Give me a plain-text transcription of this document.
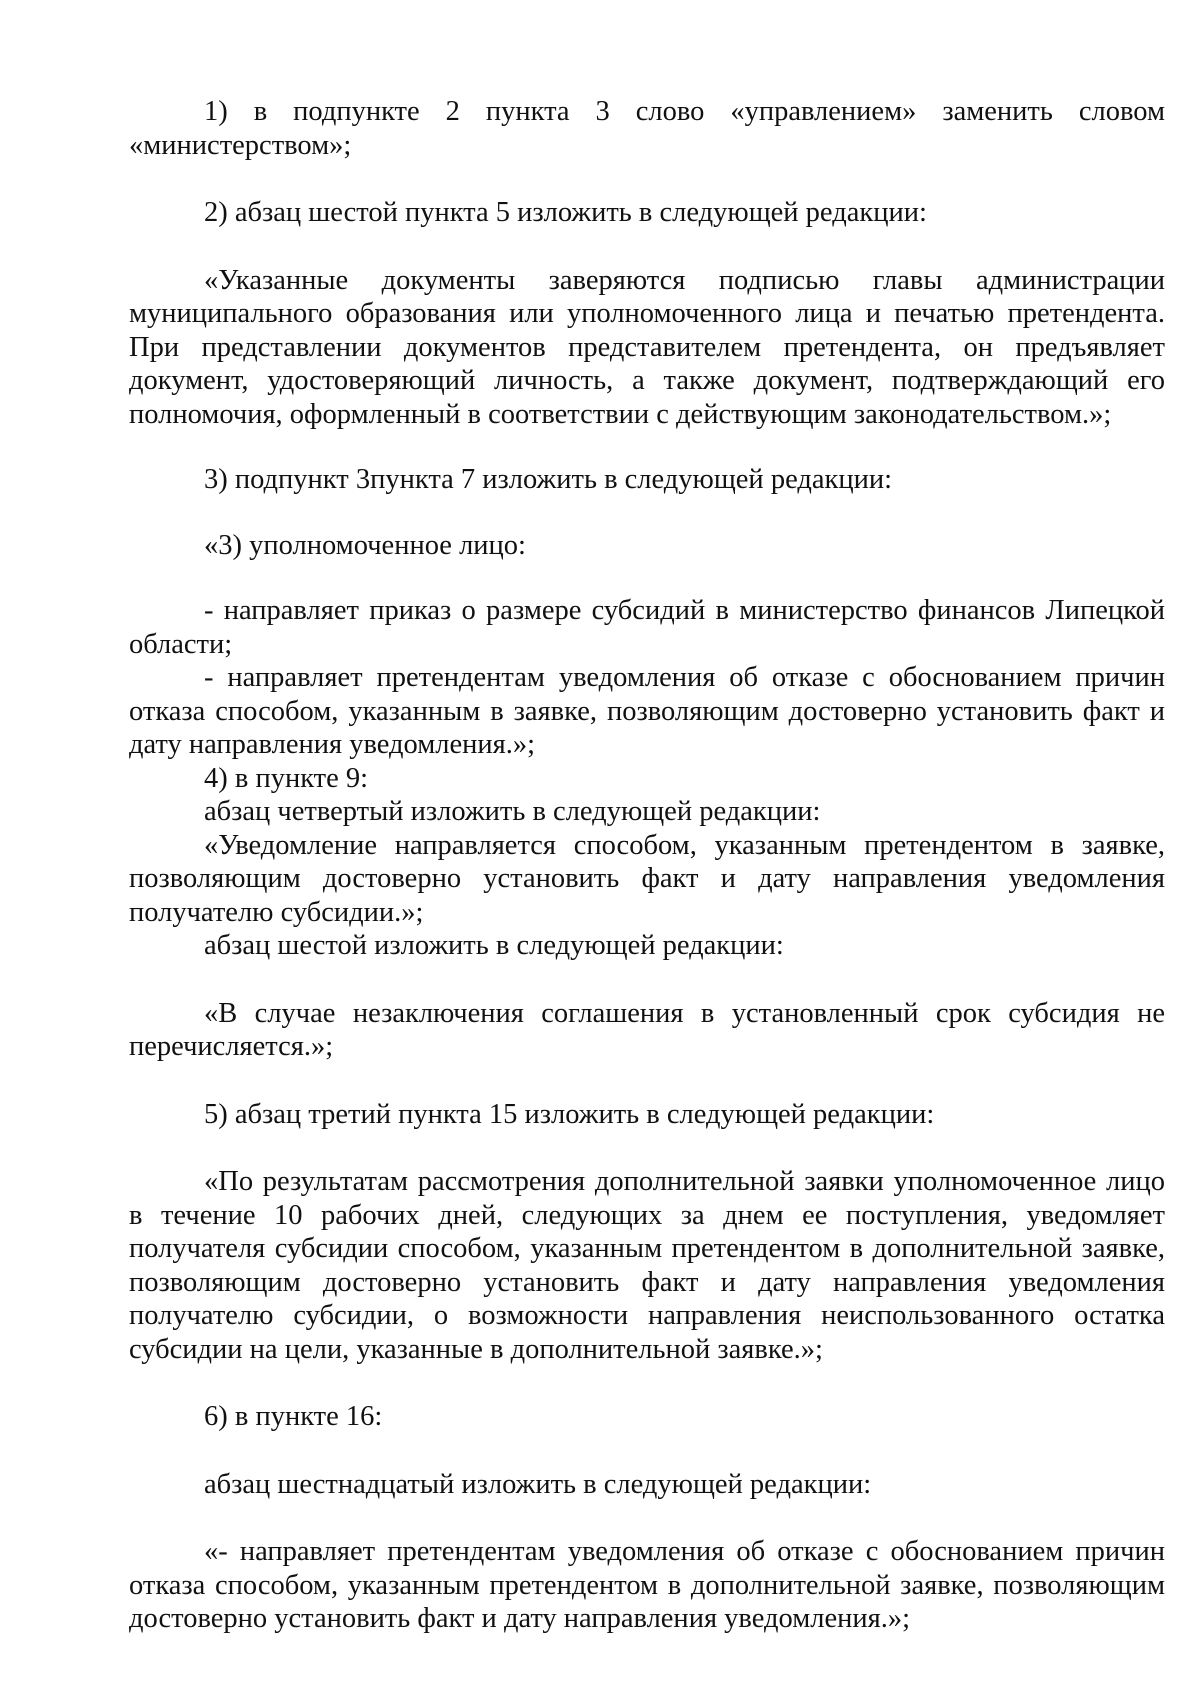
1) в подпункте 2 пункта 3 слово «управлением» заменить словом «министерством»;

2) абзац шестой пункта 5 изложить в следующей редакции:

«Указанные документы заверяются подписью главы администрации муниципального образования или уполномоченного лица и печатью претендента. При представлении документов представителем претендента, он предъявляет документ, удостоверяющий личность, а также документ, подтверждающий его полномочия, оформленный в соответствии с действующим законодательством.»;

3) подпункт 3пункта 7 изложить в следующей редакции:

«3) уполномоченное лицо:

- направляет приказ о размере субсидий в министерство финансов Липецкой области;

- направляет претендентам уведомления об отказе с обоснованием причин отказа способом, указанным в заявке, позволяющим достоверно установить факт и дату направления уведомления.»;

4) в пункте 9:

абзац четвертый изложить в следующей редакции:

«Уведомление направляется способом, указанным претендентом в заявке, позволяющим достоверно установить факт и дату направления уведомления получателю субсидии.»;

абзац шестой изложить в следующей редакции:

«В случае незаключения соглашения в установленный срок субсидия не перечисляется.»;

5) абзац третий пункта 15 изложить в следующей редакции:

«По результатам рассмотрения дополнительной заявки уполномоченное лицо в течение 10 рабочих дней, следующих за днем ее поступления, уведомляет получателя субсидии способом, указанным претендентом в дополнительной заявке, позволяющим достоверно установить факт и дату направления уведомления получателю субсидии, о возможности направления неиспользованного остатка субсидии на цели, указанные в дополнительной заявке.»;

6) в пункте 16:

абзац шестнадцатый изложить в следующей редакции:

«- направляет претендентам уведомления об отказе с обоснованием причин отказа способом, указанным претендентом в дополнительной заявке, позволяющим достоверно установить факт и дату направления уведомления.»;
